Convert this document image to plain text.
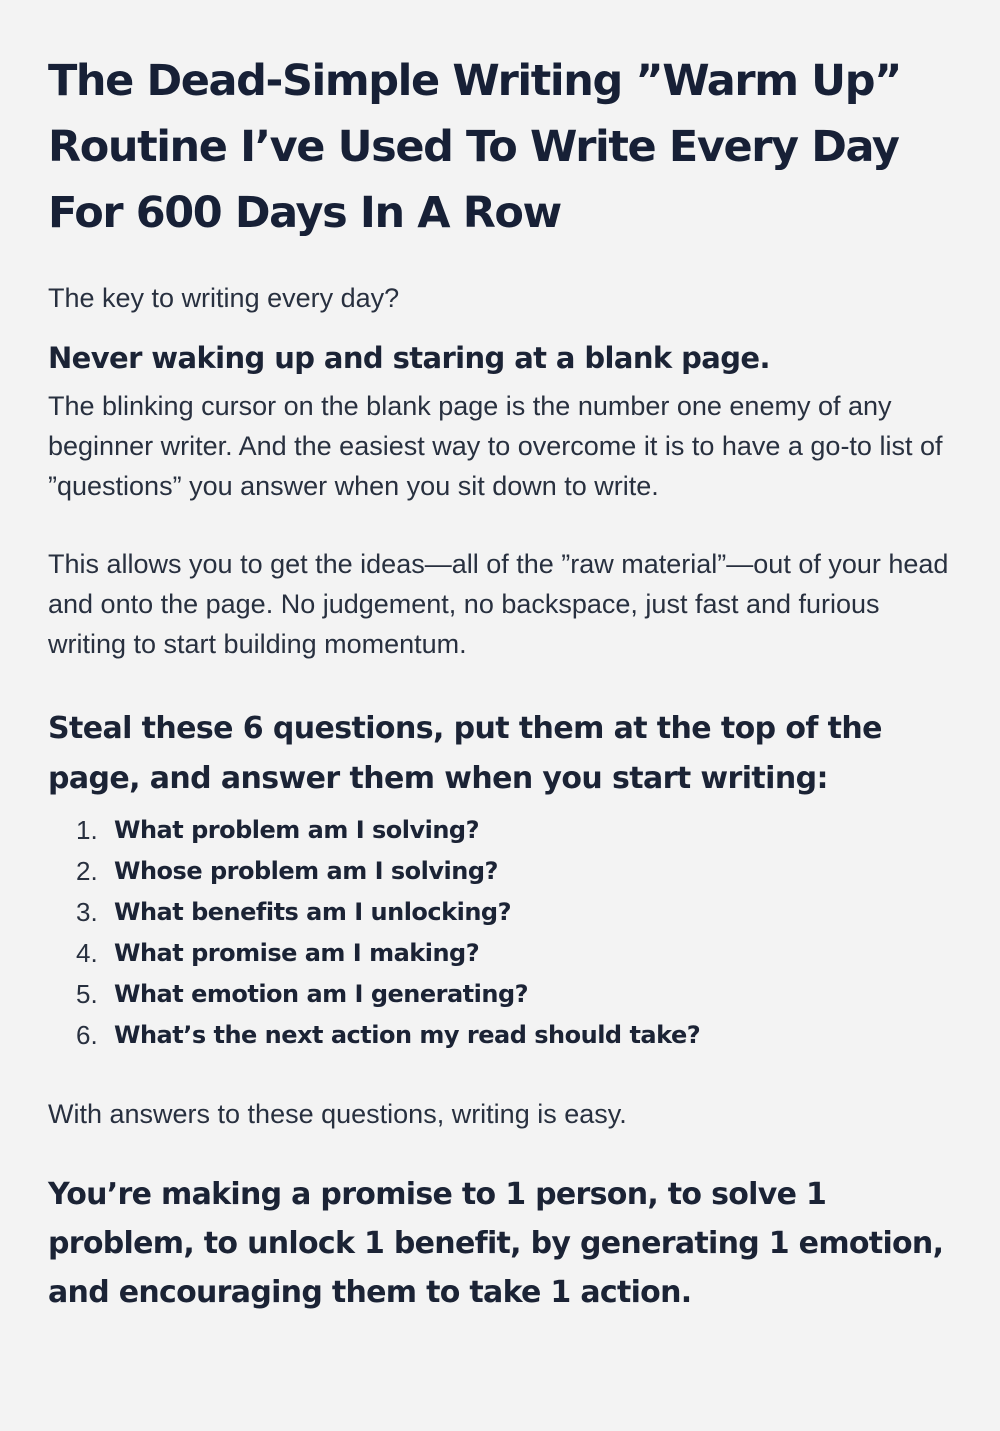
The Dead-Simple Writing ”Warm Up” Routine I’ve Used To Write Every Day For 600 Days In A Row

The key to writing every day?

Never waking up and staring at a blank page.

The blinking cursor on the blank page is the number one enemy of any beginner writer. And the easiest way to overcome it is to have a go-to list of ”questions” you answer when you sit down to write.

This allows you to get the ideas—all of the ”raw material”—out of your head and onto the page. No judgement, no backspace, just fast and furious writing to start building momentum.

Steal these 6 questions, put them at the top of the page, and answer them when you start writing:
1. What problem am I solving?
2. Whose problem am I solving?
3. What benefits am I unlocking?
4. What promise am I making?
5. What emotion am I generating?
6. What’s the next action my read should take?

With answers to these questions, writing is easy.

You’re making a promise to 1 person, to solve 1 problem, to unlock 1 benefit, by generating 1 emotion, and encouraging them to take 1 action.
